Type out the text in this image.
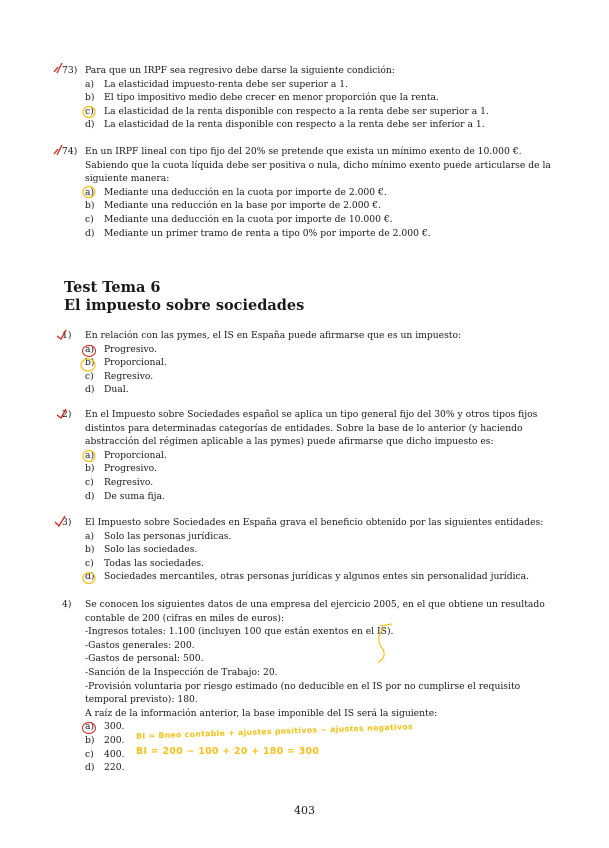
73) Para que un IRPF sea regresivo debe darse la siguiente condición:
a)	La elasticidad impuesto-renta debe ser superior a 1.
b)	El tipo impositivo medio debe crecer en menor proporción que la renta.
c)	La elasticidad de la renta disponible con respecto a la renta debe ser superior a 1.
d)	La elasticidad de la renta disponible con respecto a la renta debe ser inferior a 1.
74) En un IRPF lineal con tipo fijo del 20% se pretende que exista un mínimo exento de 10.000 €. Sabiendo que la cuota líquida debe ser positiva o nula, dicho mínimo exento puede articularse de la siguiente manera:
a)	Mediante una deducción en la cuota por importe de 2.000 €.
b)	Mediante una reducción en la base por importe de 2.000 €.
c)	Mediante una deducción en la cuota por importe de 10.000 €.
d)	Mediante un primer tramo de renta a tipo 0% por importe de 2.000 €.
Test Tema 6
El impuesto sobre sociedades
1)	En relación con las pymes, el IS en España puede afirmarse que es un impuesto:
a)	Progresivo.
b)	Proporcional.
c)	Regresivo.
d)	Dual.
2)	En el Impuesto sobre Sociedades español se aplica un tipo general fijo del 30% y otros tipos fijos distintos para determinadas categorías de entidades. Sobre la base de lo anterior (y haciendo abstracción del régimen aplicable a las pymes) puede afirmarse que dicho impuesto es:
a)	Proporcional.
b)	Progresivo.
c)	Regresivo.
d)	De suma fija.
3)	El Impuesto sobre Sociedades en España grava el beneficio obtenido por las siguientes entidades:
a)	Solo las personas jurídicas.
b)	Solo las sociedades.
c)	Todas las sociedades.
d)	Sociedades mercantiles, otras personas jurídicas y algunos entes sin personalidad jurídica.
4)	Se conocen los siguientes datos de una empresa del ejercicio 2005, en el que obtiene un resultado contable de 200 (cifras en miles de euros):
-Ingresos totales: 1.100 (incluyen 100 que están exentos en el IS).
-Gastos generales: 200.
-Gastos de personal: 500.
-Sanción de la Inspección de Trabajo: 20.
-Provisión voluntaria por riesgo estimado (no deducible en el IS por no cumplirse el requisito temporal previsto): 180.
A raíz de la información anterior, la base imponible del IS será la siguiente:
a)	300.
b)	200.
c)	400.
d)	220.
BI = Bneo contable + ajustes positivos − ajustes negativos
BI = 200 − 100 + 20 + 180 = 300
403
